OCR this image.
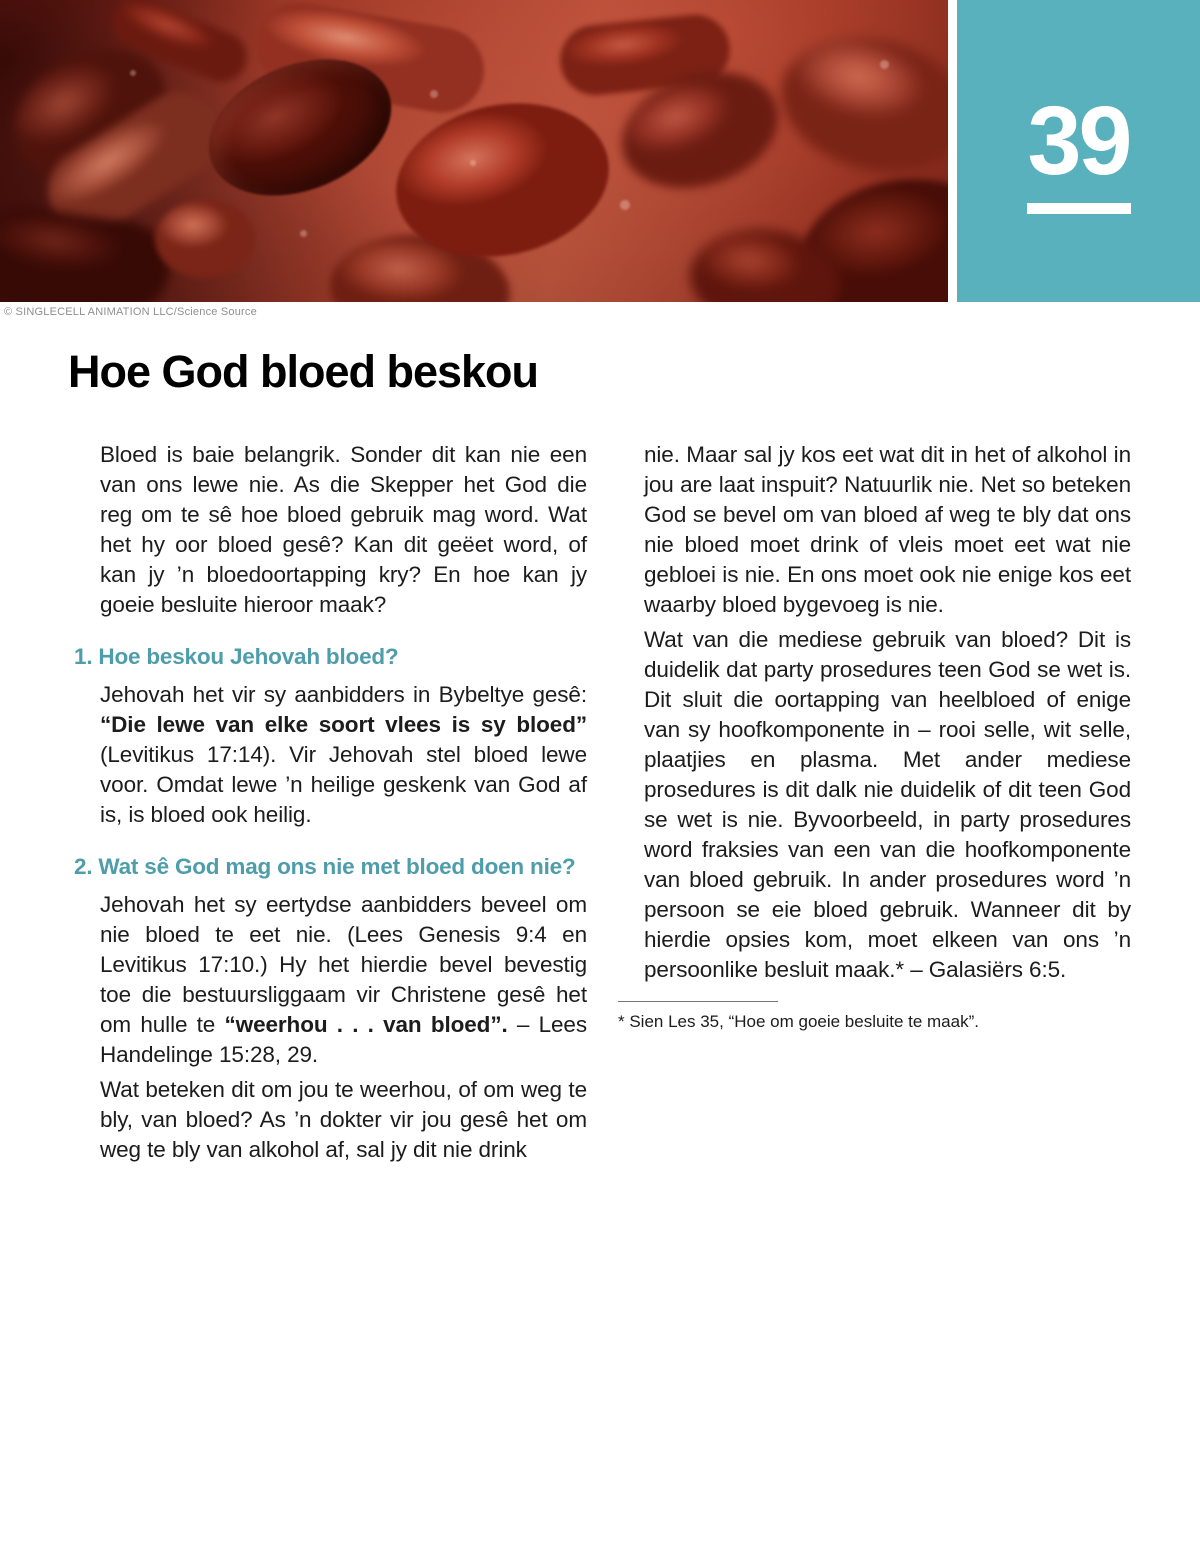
39
© SINGLECELL ANIMATION LLC/Science Source
Hoe God bloed beskou

Bloed is baie belangrik. Sonder dit kan nie een van ons lewe nie. As die Skepper het God die reg om te sê hoe bloed gebruik mag word. Wat het hy oor bloed gesê? Kan dit geëet word, of kan jy ’n bloedoortapping kry? En hoe kan jy goeie besluite hieroor maak?

1. Hoe beskou Jehovah bloed?

Jehovah het vir sy aanbidders in Bybeltye gesê: “Die lewe van elke soort vlees is sy bloed” (Levitikus 17:14). Vir Jehovah stel bloed lewe voor. Omdat lewe ’n heilige geskenk van God af is, is bloed ook heilig.

2. Wat sê God mag ons nie met bloed doen nie?

Jehovah het sy eertydse aanbidders beveel om nie bloed te eet nie. (Lees Genesis 9:4 en Levitikus 17:10.) Hy het hierdie bevel bevestig toe die bestuursliggaam vir Christene gesê het om hulle te “weerhou . . . van bloed”. – Lees Handelinge 15:28, 29.

Wat beteken dit om jou te weerhou, of om weg te bly, van bloed? As ’n dokter vir jou gesê het om weg te bly van alkohol af, sal jy dit nie drink

nie. Maar sal jy kos eet wat dit in het of alkohol in jou are laat inspuit? Natuurlik nie. Net so beteken God se bevel om van bloed af weg te bly dat ons nie bloed moet drink of vleis moet eet wat nie gebloei is nie. En ons moet ook nie enige kos eet waarby bloed bygevoeg is nie.

Wat van die mediese gebruik van bloed? Dit is duidelik dat party prosedures teen God se wet is. Dit sluit die oortapping van heelbloed of enige van sy hoofkomponente in – rooi selle, wit selle, plaatjies en plasma. Met ander mediese prosedures is dit dalk nie duidelik of dit teen God se wet is nie. Byvoorbeeld, in party prosedures word fraksies van een van die hoofkomponente van bloed gebruik. In ander prosedures word ’n persoon se eie bloed gebruik. Wanneer dit by hierdie opsies kom, moet elkeen van ons ’n persoonlike besluit maak.* – Galasiërs 6:5.

* Sien Les 35, “Hoe om goeie besluite te maak”.
